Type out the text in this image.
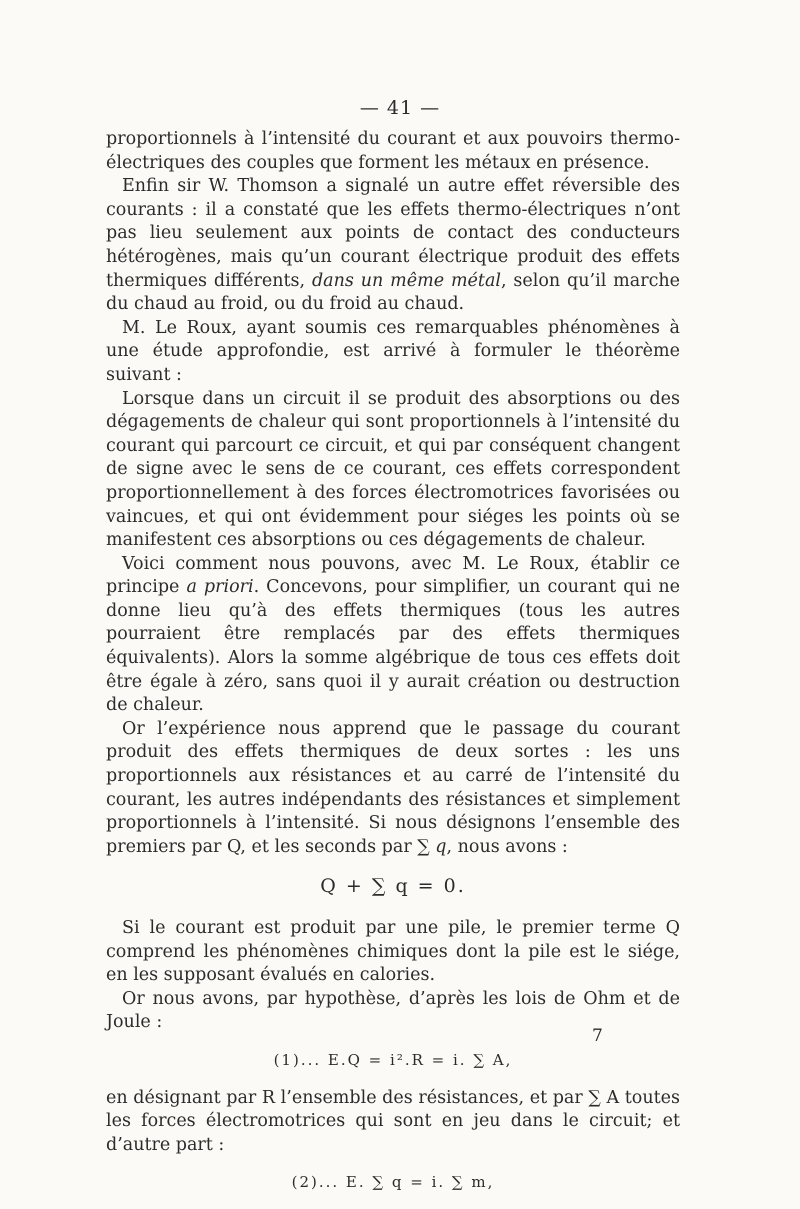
— 41 —

proportionnels à l’intensité du courant et aux pouvoirs thermo-électriques des couples que forment les métaux en présence.

Enfin sir W. Thomson a signalé un autre effet réversible des courants : il a constaté que les effets thermo-électriques n’ont pas lieu seulement aux points de contact des conducteurs hétérogènes, mais qu’un courant électrique produit des effets thermiques différents, dans un même métal, selon qu’il marche du chaud au froid, ou du froid au chaud.

M. Le Roux, ayant soumis ces remarquables phénomènes à une étude approfondie, est arrivé à formuler le théorème suivant :

Lorsque dans un circuit il se produit des absorptions ou des dégagements de chaleur qui sont proportionnels à l’intensité du courant qui parcourt ce circuit, et qui par conséquent changent de signe avec le sens de ce courant, ces effets correspondent proportionnellement à des forces électromotrices favorisées ou vaincues, et qui ont évidemment pour siéges les points où se manifestent ces absorptions ou ces dégagements de chaleur.

Voici comment nous pouvons, avec M. Le Roux, établir ce principe a priori. Concevons, pour simplifier, un courant qui ne donne lieu qu’à des effets thermiques (tous les autres pourraient être remplacés par des effets thermiques équivalents). Alors la somme algébrique de tous ces effets doit être égale à zéro, sans quoi il y aurait création ou destruction de chaleur.

Or l’expérience nous apprend que le passage du courant produit des effets thermiques de deux sortes : les uns proportionnels aux résistances et au carré de l’intensité du courant, les autres indépendants des résistances et simplement proportionnels à l’intensité. Si nous désignons l’ensemble des premiers par Q, et les seconds par ∑ q, nous avons :

Q + ∑ q = 0.

Si le courant est produit par une pile, le premier terme Q comprend les phénomènes chimiques dont la pile est le siége, en les supposant évalués en calories.

Or nous avons, par hypothèse, d’après les lois de Ohm et de Joule :

(1)... E.Q = i².R = i. ∑ A,

en désignant par R l’ensemble des résistances, et par ∑ A toutes les forces électromotrices qui sont en jeu dans le circuit; et d’autre part :

(2)... E. ∑ q = i. ∑ m,
7
